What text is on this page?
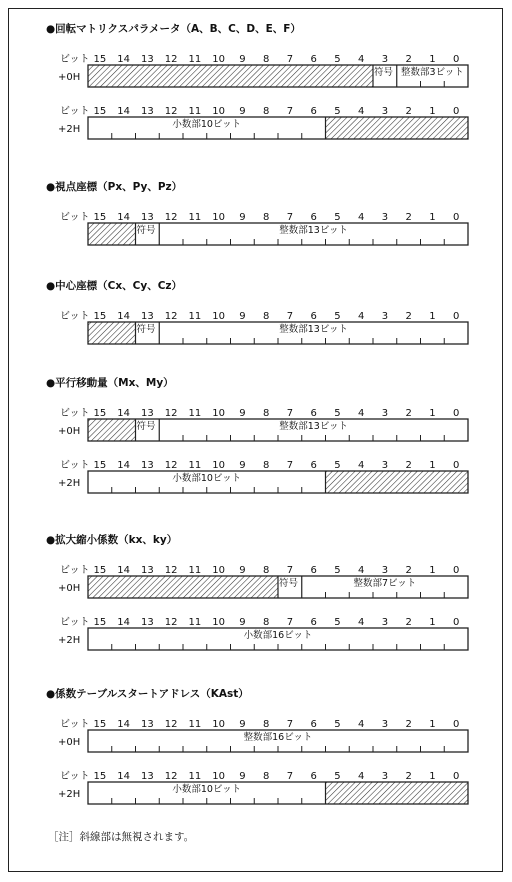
●回転マトリクスパラメータ（A、B、C、D、E、F）
ビット 15 14 13 12 11 10 9 8 7 6 5 4 3 2 1 0
+0H	符号 整数部3ビット
ビット 15 14 13 12 11 10 9 8 7 6 5 4 3 2 1 0
+2H	小数部10ビット
●視点座標（Px、Py、Pz）
ビット 15 14 13 12 11 10 9 8 7 6 5 4 3 2 1 0
符号	整数部13ビット
●中心座標（Cx、Cy、Cz）
ビット 15 14 13 12 11 10 9 8 7 6 5 4 3 2 1 0
符号	整数部13ビット
●平行移動量（Mx、My）
ビット 15 14 13 12 11 10 9 8 7 6 5 4 3 2 1 0
+0H	符号	整数部13ビット
ビット 15 14 13 12 11 10 9 8 7 6 5 4 3 2 1 0
+2H	小数部10ビット
●拡大縮小係数（kx、ky）
ビット 15 14 13 12 11 10 9 8 7 6 5 4 3 2 1 0
+0H	符号	整数部7ビット
ビット 15 14 13 12 11 10 9 8 7 6 5 4 3 2 1 0
+2H	小数部16ビット
●係数テーブルスタートアドレス（KAst）
ビット 15 14 13 12 11 10 9 8 7 6 5 4 3 2 1 0
+0H	整数部16ビット
ビット 15 14 13 12 11 10 9 8 7 6 5 4 3 2 1 0
+2H	小数部10ビット
［注］斜線部は無視されます。
